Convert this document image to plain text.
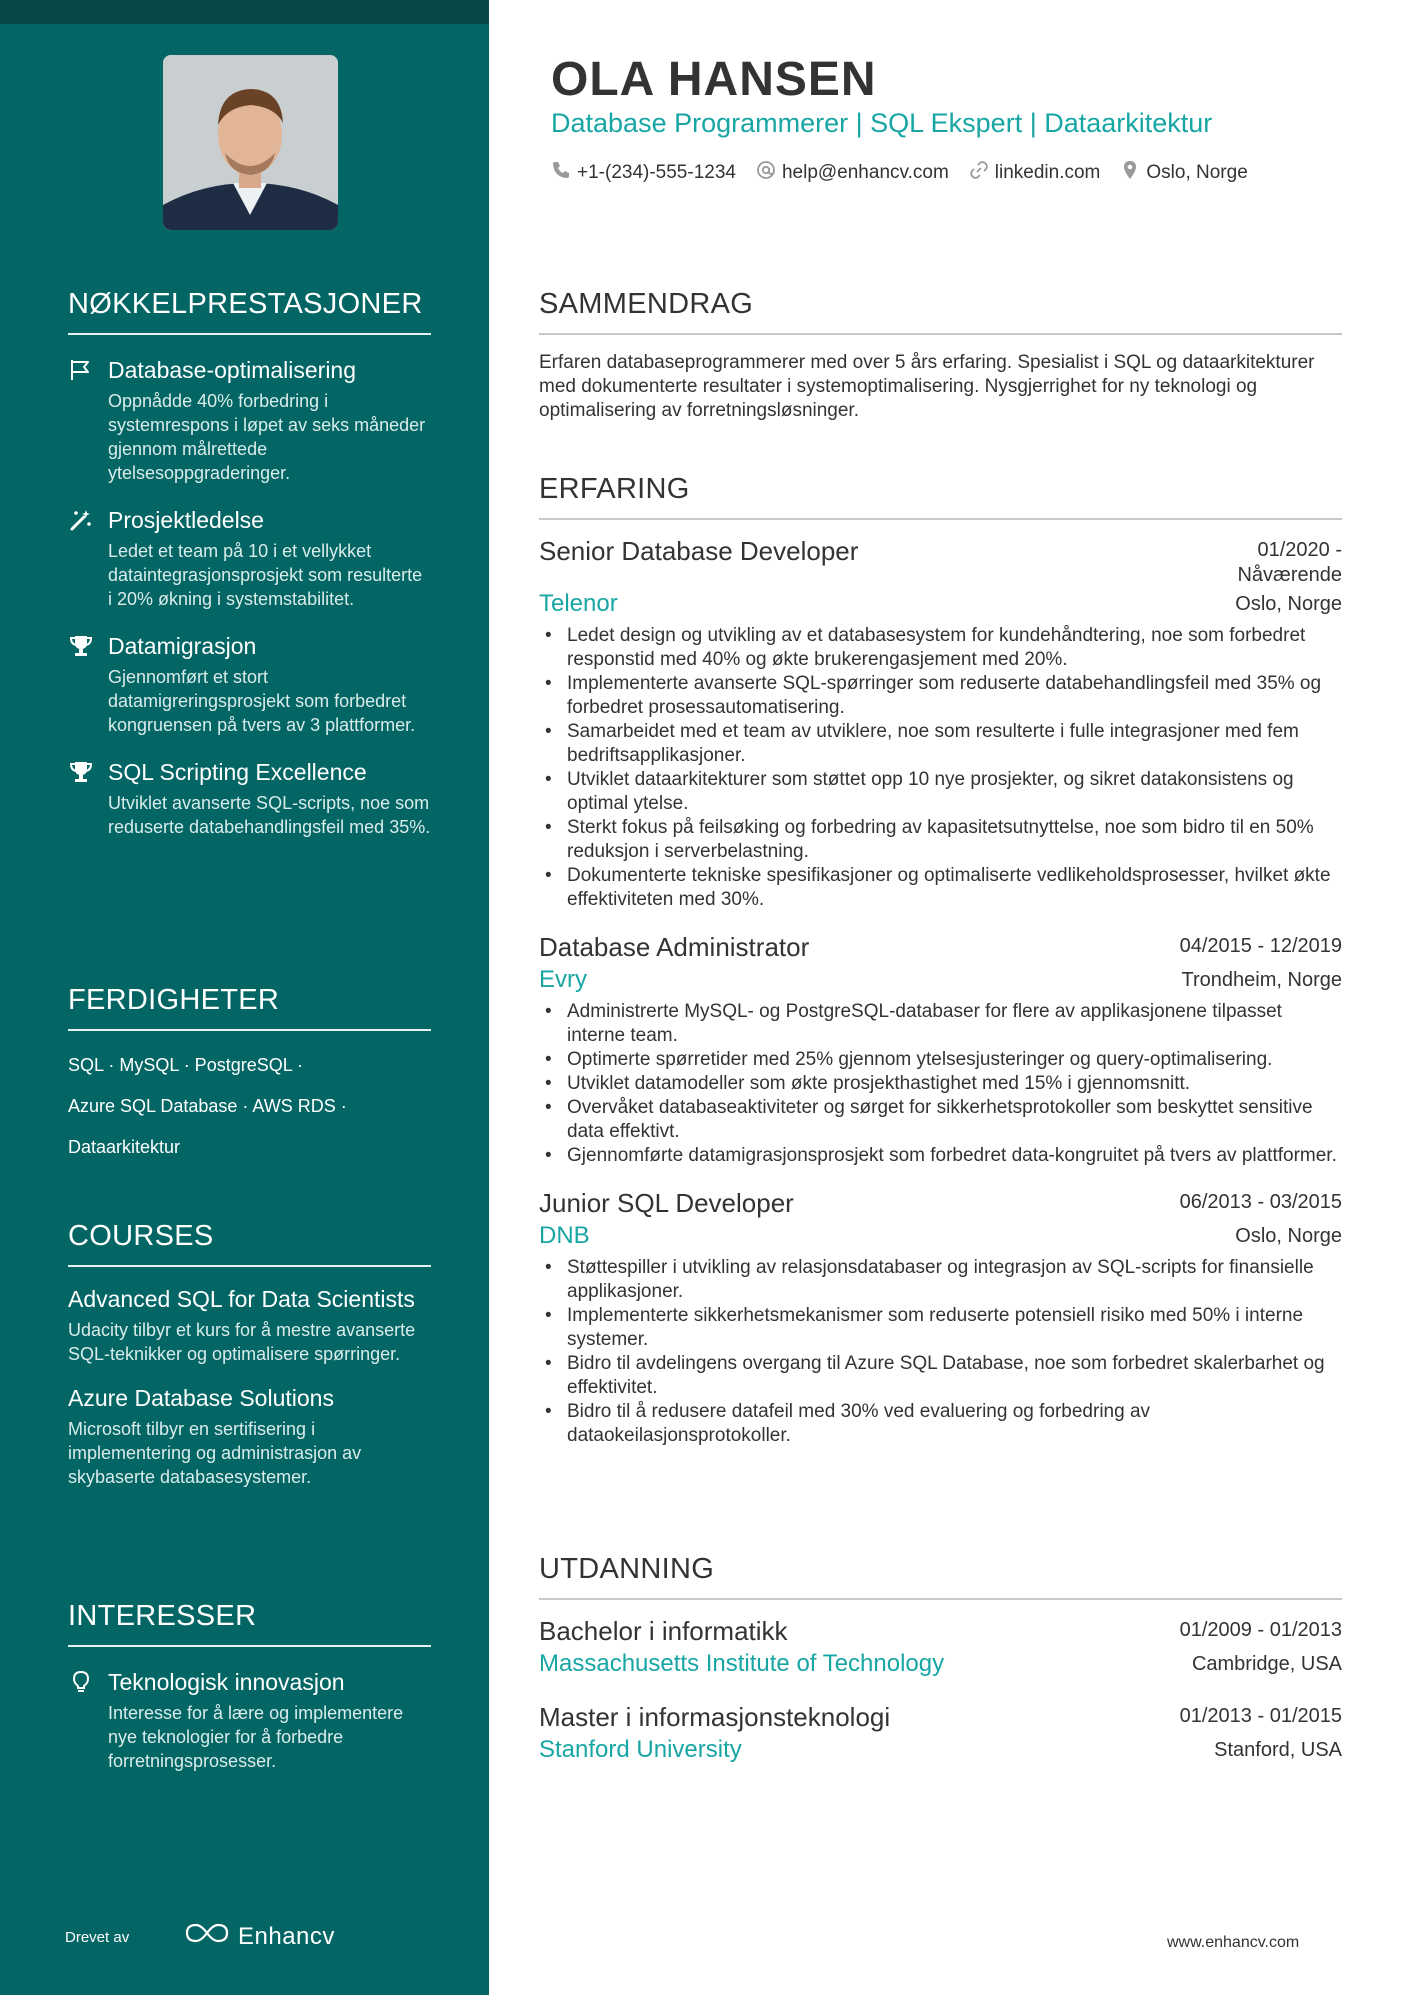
NØKKELPRESTASJONER
Database-optimalisering
Oppnådde 40% forbedring i systemrespons i løpet av seks måneder gjennom målrettede ytelsesoppgraderinger.
Prosjektledelse
Ledet et team på 10 i et vellykket dataintegrasjonsprosjekt som resulterte i 20% økning i systemstabilitet.
Datamigrasjon
Gjennomført et stort datamigreringsprosjekt som forbedret kongruensen på tvers av 3 plattformer.
SQL Scripting Excellence
Utviklet avanserte SQL-scripts, noe som reduserte databehandlingsfeil med 35%.
FERDIGHETER
SQL · MySQL · PostgreSQL ·
Azure SQL Database · AWS RDS ·
Dataarkitektur
COURSES
Advanced SQL for Data Scientists
Udacity tilbyr et kurs for å mestre avanserte SQL-teknikker og optimalisere spørringer.
Azure Database Solutions
Microsoft tilbyr en sertifisering i implementering og administrasjon av skybaserte databasesystemer.
INTERESSER
Teknologisk innovasjon
Interesse for å lære og implementere nye teknologier for å forbedre forretningsprosesser.
Drevet av	Enhancv
OLA HANSEN
Database Programmerer | SQL Ekspert | Dataarkitektur
+1-(234)-555-1234 help@enhancv.com linkedin.com Oslo, Norge
SAMMENDRAG
Erfaren databaseprogrammerer med over 5 års erfaring. Spesialist i SQL og dataarkitekturer med dokumenterte resultater i systemoptimalisering. Nysgjerrighet for ny teknologi og optimalisering av forretningsløsninger.
ERFARING
Senior Database Developer	01/2020 -
Nåværende
Telenor	Oslo, Norge
• Ledet design og utvikling av et databasesystem for kundehåndtering, noe som forbedret responstid med 40% og økte brukerengasjement med 20%.
• Implementerte avanserte SQL-spørringer som reduserte databehandlingsfeil med 35% og forbedret prosessautomatisering.
• Samarbeidet med et team av utviklere, noe som resulterte i fulle integrasjoner med fem bedriftsapplikasjoner.
• Utviklet dataarkitekturer som støttet opp 10 nye prosjekter, og sikret datakonsistens og optimal ytelse.
• Sterkt fokus på feilsøking og forbedring av kapasitetsutnyttelse, noe som bidro til en 50% reduksjon i serverbelastning.
• Dokumenterte tekniske spesifikasjoner og optimaliserte vedlikeholdsprosesser, hvilket økte effektiviteten med 30%.
Database Administrator	04/2015 - 12/2019
Evry	Trondheim, Norge
• Administrerte MySQL- og PostgreSQL-databaser for flere av applikasjonene tilpasset interne team.
• Optimerte spørretider med 25% gjennom ytelsesjusteringer og query-optimalisering.
• Utviklet datamodeller som økte prosjekthastighet med 15% i gjennomsnitt.
• Overvåket databaseaktiviteter og sørget for sikkerhetsprotokoller som beskyttet sensitive data effektivt.
• Gjennomførte datamigrasjonsprosjekt som forbedret data-kongruitet på tvers av plattformer.
Junior SQL Developer	06/2013 - 03/2015
DNB	Oslo, Norge
• Støttespiller i utvikling av relasjonsdatabaser og integrasjon av SQL-scripts for finansielle applikasjoner.
• Implementerte sikkerhetsmekanismer som reduserte potensiell risiko med 50% i interne systemer.
• Bidro til avdelingens overgang til Azure SQL Database, noe som forbedret skalerbarhet og effektivitet.
• Bidro til å redusere datafeil med 30% ved evaluering og forbedring av dataokeilasjonsprotokoller.
UTDANNING
Bachelor i informatikk	01/2009 - 01/2013
Massachusetts Institute of Technology	Cambridge, USA
Master i informasjonsteknologi	01/2013 - 01/2015
Stanford University	Stanford, USA
www.enhancv.com
